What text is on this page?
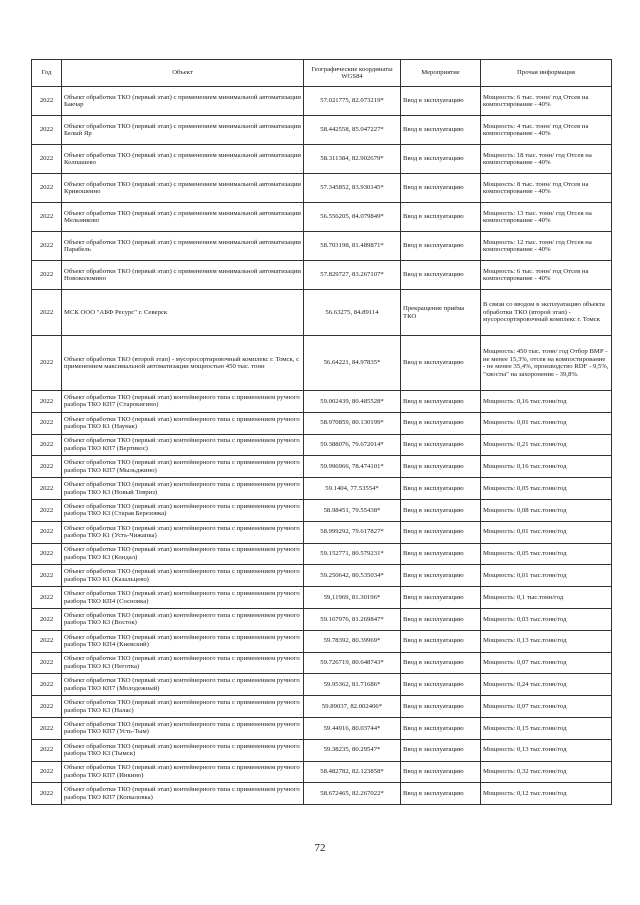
Год	Объект	Географические координаты WGS84	Мероприятие	Прочая информация
2022	Объект обработки ТКО (первый этап) с применением минимальной автоматизации Бакчар	57.021775, 82.073219*	Ввод в эксплуатацию	Мощность: 6 тыс. тонн/ год Отсев на компостирование - 40%
2022	Объект обработки ТКО (первый этап) с применением минимальной автоматизации Белый Яр	58.442558, 85.047227*	Ввод в эксплуатацию	Мощность: 4 тыс. тонн/ год Отсев на компостирование - 40%
2022	Объект обработки ТКО (первый этап) с применением минимальной автоматизации Колпашево	58.311384, 82.902679*	Ввод в эксплуатацию	Мощность: 18 тыс. тонн/ год Отсев на компостирование - 40%
2022	Объект обработки ТКО (первый этап) с применением минимальной автоматизации Кривошеино	57.345852, 83.930145*	Ввод в эксплуатацию	Мощность: 8 тыс. тонн/ год Отсев на компостирование - 40%
2022	Объект обработки ТКО (первый этап) с применением минимальной автоматизации Мельниково	56.556205, 84.079849*	Ввод в эксплуатацию	Мощность: 13 тыс. тонн/ год Отсев на компостирование - 40%
2022	Объект обработки ТКО (первый этап) с применением минимальной автоматизации Парабель	58.703198, 81.489871*	Ввод в эксплуатацию	Мощность: 12 тыс. тонн/ год Отсев на компостирование - 40%
2022	Объект обработки ТКО (первый этап) с применением минимальной автоматизации Новоколомино	57.829727, 83.267107*	Ввод в эксплуатацию	Мощность: 6 тыс. тонн/ год Отсев на компостирование - 40%
2022	МСК ООО "АБФ Ресурс" г. Северск	56.63275, 84.89114	Прекращение приёма ТКО	В связи со вводом в эксплуатацию объекта обработки ТКО (второй этап) - мусоросортировочный комплекс г. Томск
2022	Объект обработки ТКО (второй этап) - мусоросортировочный комплекс г. Томск, с применением максимальной автоматизации мощностью 450 тыс. тонн	56.64221, 84.97835*	Ввод в эксплуатацию	Мощность: 450 тыс. тонн/ год Отбор ВМР - не менее 15,3%, отсев на компостирование - не менее 35,4%, производство RDF - 9,5%, "хвосты" на захоронение - 39,8%.
2022	Объект обработки ТКО (первый этап) контейнерного типа с применением ручного разбора ТКО КП7 (Старокигино)	59.002439, 80.485528*	Ввод в эксплуатацию	Мощность: 0,16 тыс.тонн/год
2022	Объект обработки ТКО (первый этап) контейнерного типа с применением ручного разбора ТКО К1 (Наунак)	58.970859, 80.130199*	Ввод в эксплуатацию	Мощность: 0,01 тыс.тонн/год
2022	Объект обработки ТКО (первый этап) контейнерного типа с применением ручного разбора ТКО КП7 (Вертикос)	59.388076, 79.672014*	Ввод в эксплуатацию	Мощность: 0,21 тыс.тонн/год
2022	Объект обработки ТКО (первый этап) контейнерного типа с применением ручного разбора ТКО КП7 (Мыльджино)	59.996966, 78.474101*	Ввод в эксплуатацию	Мощность: 0,16 тыс.тонн/год
2022	Объект обработки ТКО (первый этап) контейнерного типа с применением ручного разбора ТКО К3 (Новый Тевриз)	59.1404, 77.53554*	Ввод в эксплуатацию	Мощность: 0,05 тыс.тонн/год
2022	Объект обработки ТКО (первый этап) контейнерного типа с применением ручного разбора ТКО К3 (Старая Березовка)	58.98451, 79.55438*	Ввод в эксплуатацию	Мощность: 0,08 тыс.тонн/год
2022	Объект обработки ТКО (первый этап) контейнерного типа с применением ручного разбора ТКО К1 (Усть-Чижапка)	58.999292, 79.617827*	Ввод в эксплуатацию	Мощность: 0,01 тыс.тонн/год
2022	Объект обработки ТКО (первый этап) контейнерного типа с применением ручного разбора ТКО К3 (Кондал)	59.152771, 80.579231*	Ввод в эксплуатацию	Мощность: 0,05 тыс.тонн/год
2022	Объект обработки ТКО (первый этап) контейнерного типа с применением ручного разбора ТКО К1 (Казальцево)	59.250642, 80.535034*	Ввод в эксплуатацию	Мощность: 0,01 тыс.тонн/год
2022	Объект обработки ТКО (первый этап) контейнерного типа с применением ручного разбора ТКО КП4 (Сосновка)	59,11969, 81.30196*	Ввод в эксплуатацию	Мощность: 0,1 тыс.тонн/год
2022	Объект обработки ТКО (первый этап) контейнерного типа с применением ручного разбора ТКО К3 (Восток)	59.167976, 81.269847*	Ввод в эксплуатацию	Мощность: 0,03 тыс.тонн/год
2022	Объект обработки ТКО (первый этап) контейнерного типа с применением ручного разбора ТКО КП4 (Киевский)	59.78392, 80.39969*	Ввод в эксплуатацию	Мощность: 0,13 тыс.тонн/год
2022	Объект обработки ТКО (первый этап) контейнерного типа с применением ручного разбора ТКО К3 (Неготка)	59.726719, 80.648743*	Ввод в эксплуатацию	Мощность: 0,07 тыс.тонн/год
2022	Объект обработки ТКО (первый этап) контейнерного типа с применением ручного разбора ТКО КП7 (Молодежный)	59.95362, 81.71686*	Ввод в эксплуатацию	Мощность: 0,24 тыс.тонн/год
2022	Объект обработки ТКО (первый этап) контейнерного типа с применением ручного разбора ТКО К3 (Налас)	59.89037, 82.002406*	Ввод в эксплуатацию	Мощность: 0,07 тыс.тонн/год
2022	Объект обработки ТКО (первый этап) контейнерного типа с применением ручного разбора ТКО КП7 (Усть-Тым)	59.44916, 80.03744*	Ввод в эксплуатацию	Мощность: 0,15 тыс.тонн/год
2022	Объект обработки ТКО (первый этап) контейнерного типа с применением ручного разбора ТКО К3 (Тымск)	59.38235, 80.29547*	Ввод в эксплуатацию	Мощность: 0,13 тыс.тонн/год
2022	Объект обработки ТКО (первый этап) контейнерного типа с применением ручного разбора ТКО КП7 (Инкино)	58.482782, 82.123858*	Ввод в эксплуатацию	Мощность: 0,32 тыс.тонн/год
2022	Объект обработки ТКО (первый этап) контейнерного типа с применением ручного разбора ТКО КП7 (Копыловка)	58.672465, 82.267022*	Ввод в эксплуатацию	Мощность: 0,12 тыс.тонн/год
72
